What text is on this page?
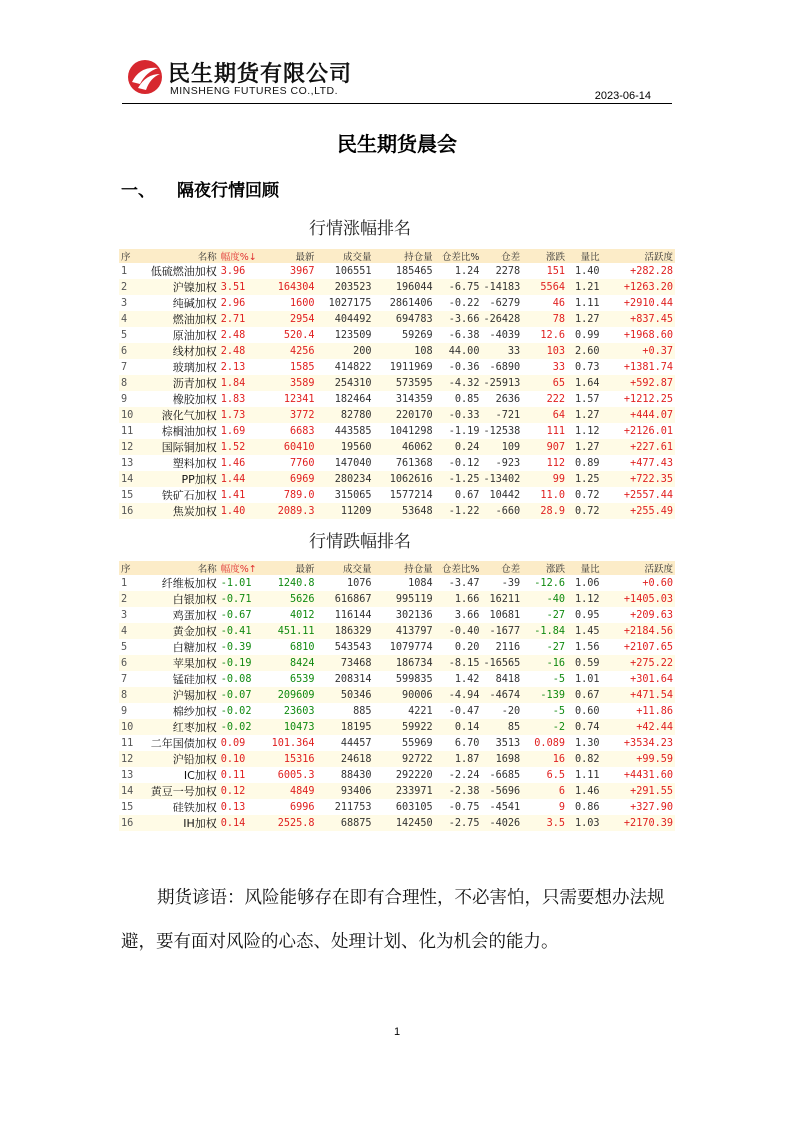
民生期货有限公司
MINSHENG FUTURES CO.,LTD.	2023-06-14
民生期货晨会
一、 隔夜行情回顾
行情涨幅排名
序	名称	幅度%↓	最新	成交量	持仓量	仓差比%	仓差	涨跌	量比	活跃度
1	低硫燃油加权	3.96	3967	106551	185465	1.24	2278	151	1.40	+282.28
2	沪镍加权	3.51	164304	203523	196044	-6.75	-14183	5564	1.21	+1263.20
3	纯碱加权	2.96	1600	1027175	2861406	-0.22	-6279	46	1.11	+2910.44
4	燃油加权	2.71	2954	404492	694783	-3.66	-26428	78	1.27	+837.45
5	原油加权	2.48	520.4	123509	59269	-6.38	-4039	12.6	0.99	+1968.60
6	线材加权	2.48	4256	200	108	44.00	33	103	2.60	+0.37
7	玻璃加权	2.13	1585	414822	1911969	-0.36	-6890	33	0.73	+1381.74
8	沥青加权	1.84	3589	254310	573595	-4.32	-25913	65	1.64	+592.87
9	橡胶加权	1.83	12341	182464	314359	0.85	2636	222	1.57	+1212.25
10	液化气加权	1.73	3772	82780	220170	-0.33	-721	64	1.27	+444.07
11	棕榈油加权	1.69	6683	443585	1041298	-1.19	-12538	111	1.12	+2126.01
12	国际铜加权	1.52	60410	19560	46062	0.24	109	907	1.27	+227.61
13	塑料加权	1.46	7760	147040	761368	-0.12	-923	112	0.89	+477.43
14	PP加权	1.44	6969	280234	1062616	-1.25	-13402	99	1.25	+722.35
15	铁矿石加权	1.41	789.0	315065	1577214	0.67	10442	11.0	0.72	+2557.44
16	焦炭加权	1.40	2089.3	11209	53648	-1.22	-660	28.9	0.72	+255.49
行情跌幅排名
序	名称	幅度%↑	最新	成交量	持仓量	仓差比%	仓差	涨跌	量比	活跃度
1	纤维板加权	-1.01	1240.8	1076	1084	-3.47	-39	-12.6	1.06	+0.60
2	白银加权	-0.71	5626	616867	995119	1.66	16211	-40	1.12	+1405.03
3	鸡蛋加权	-0.67	4012	116144	302136	3.66	10681	-27	0.95	+209.63
4	黄金加权	-0.41	451.11	186329	413797	-0.40	-1677	-1.84	1.45	+2184.56
5	白糖加权	-0.39	6810	543543	1079774	0.20	2116	-27	1.56	+2107.65
6	苹果加权	-0.19	8424	73468	186734	-8.15	-16565	-16	0.59	+275.22
7	锰硅加权	-0.08	6539	208314	599835	1.42	8418	-5	1.01	+301.64
8	沪锡加权	-0.07	209609	50346	90006	-4.94	-4674	-139	0.67	+471.54
9	棉纱加权	-0.02	23603	885	4221	-0.47	-20	-5	0.60	+11.86
10	红枣加权	-0.02	10473	18195	59922	0.14	85	-2	0.74	+42.44
11	二年国债加权	0.09	101.364	44457	55969	6.70	3513	0.089	1.30	+3534.23
12	沪铅加权	0.10	15316	24618	92722	1.87	1698	16	0.82	+99.59
13	IC加权	0.11	6005.3	88430	292220	-2.24	-6685	6.5	1.11	+4431.60
14	黄豆一号加权	0.12	4849	93406	233971	-2.38	-5696	6	1.46	+291.55
15	硅铁加权	0.13	6996	211753	603105	-0.75	-4541	9	0.86	+327.90
16	IH加权	0.14	2525.8	68875	142450	-2.75	-4026	3.5	1.03	+2170.39
期货谚语：风险能够存在即有合理性，不必害怕，只需要想办法规避，要有面对风险的心态、处理计划、化为机会的能力。
1
